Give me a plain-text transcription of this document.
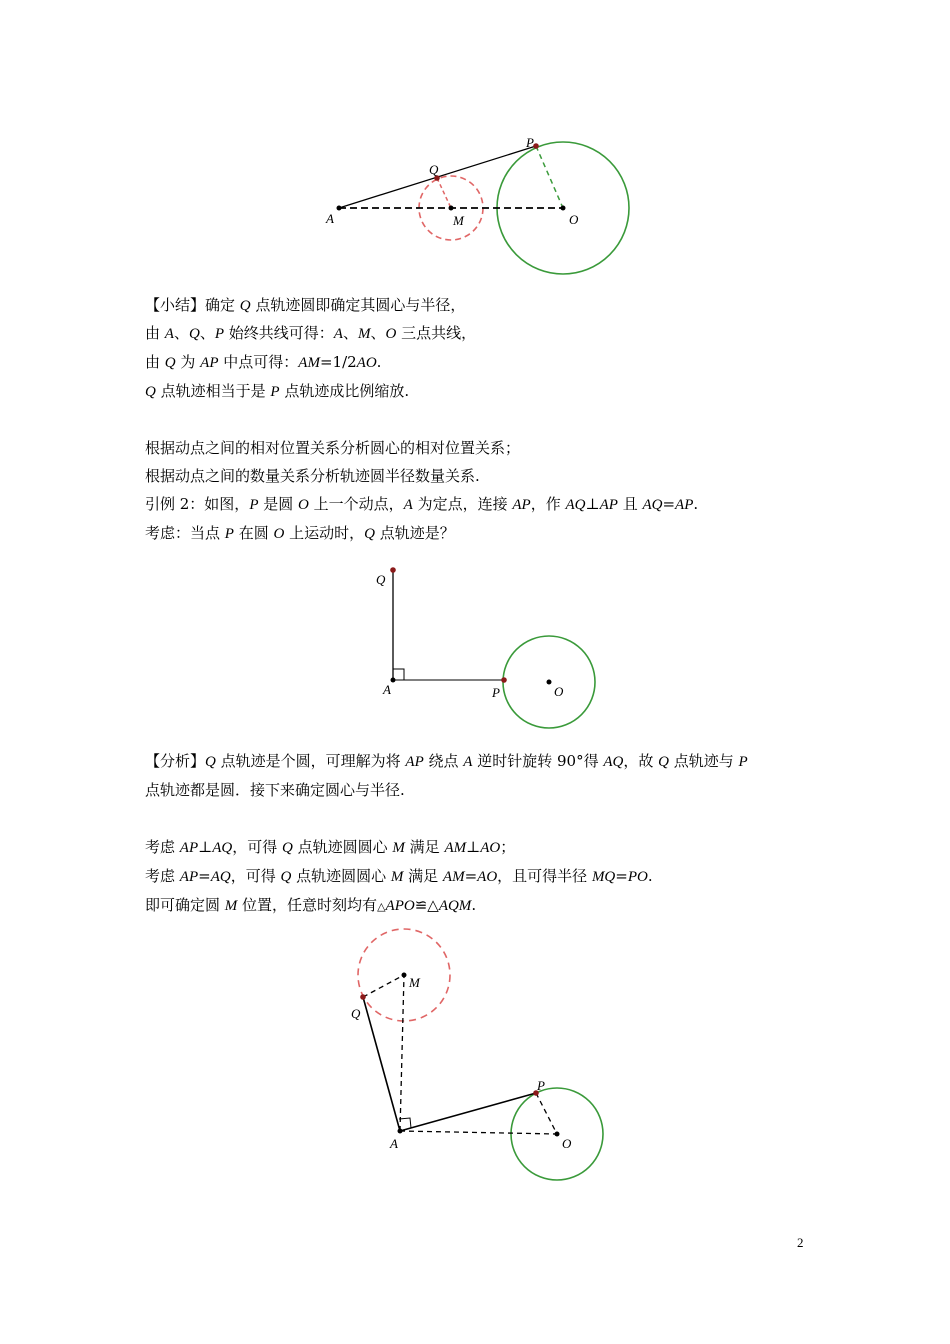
A
Q
M	O
P
【小结】确定 Q 点轨迹圆即确定其圆心与半径，
由 A、Q、P 始终共线可得：A、M、O 三点共线，
由 Q 为 AP 中点可得：AM=1/2AO.
Q 点轨迹相当于是 P 点轨迹成比例缩放.
根据动点之间的相对位置关系分析圆心的相对位置关系；
根据动点之间的数量关系分析轨迹圆半径数量关系.
引例 2：如图，P 是圆 O 上一个动点，A 为定点，连接 AP，作 AQ⊥AP 且 AQ=AP.
考虑：当点 P 在圆 O 上运动时，Q 点轨迹是？
Q
A	P	O
【分析】Q 点轨迹是个圆，可理解为将 AP 绕点 A 逆时针旋转 90°得 AQ，故 Q 点轨迹与 P
点轨迹都是圆．接下来确定圆心与半径.
考虑 AP⊥AQ，可得 Q 点轨迹圆圆心 M 满足 AM⊥AO；
考虑 AP=AQ，可得 Q 点轨迹圆圆心 M 满足 AM=AO，且可得半径 MQ=PO.
即可确定圆 M 位置，任意时刻均有△APO≌△AQM.
M
Q
P
A	O
2
